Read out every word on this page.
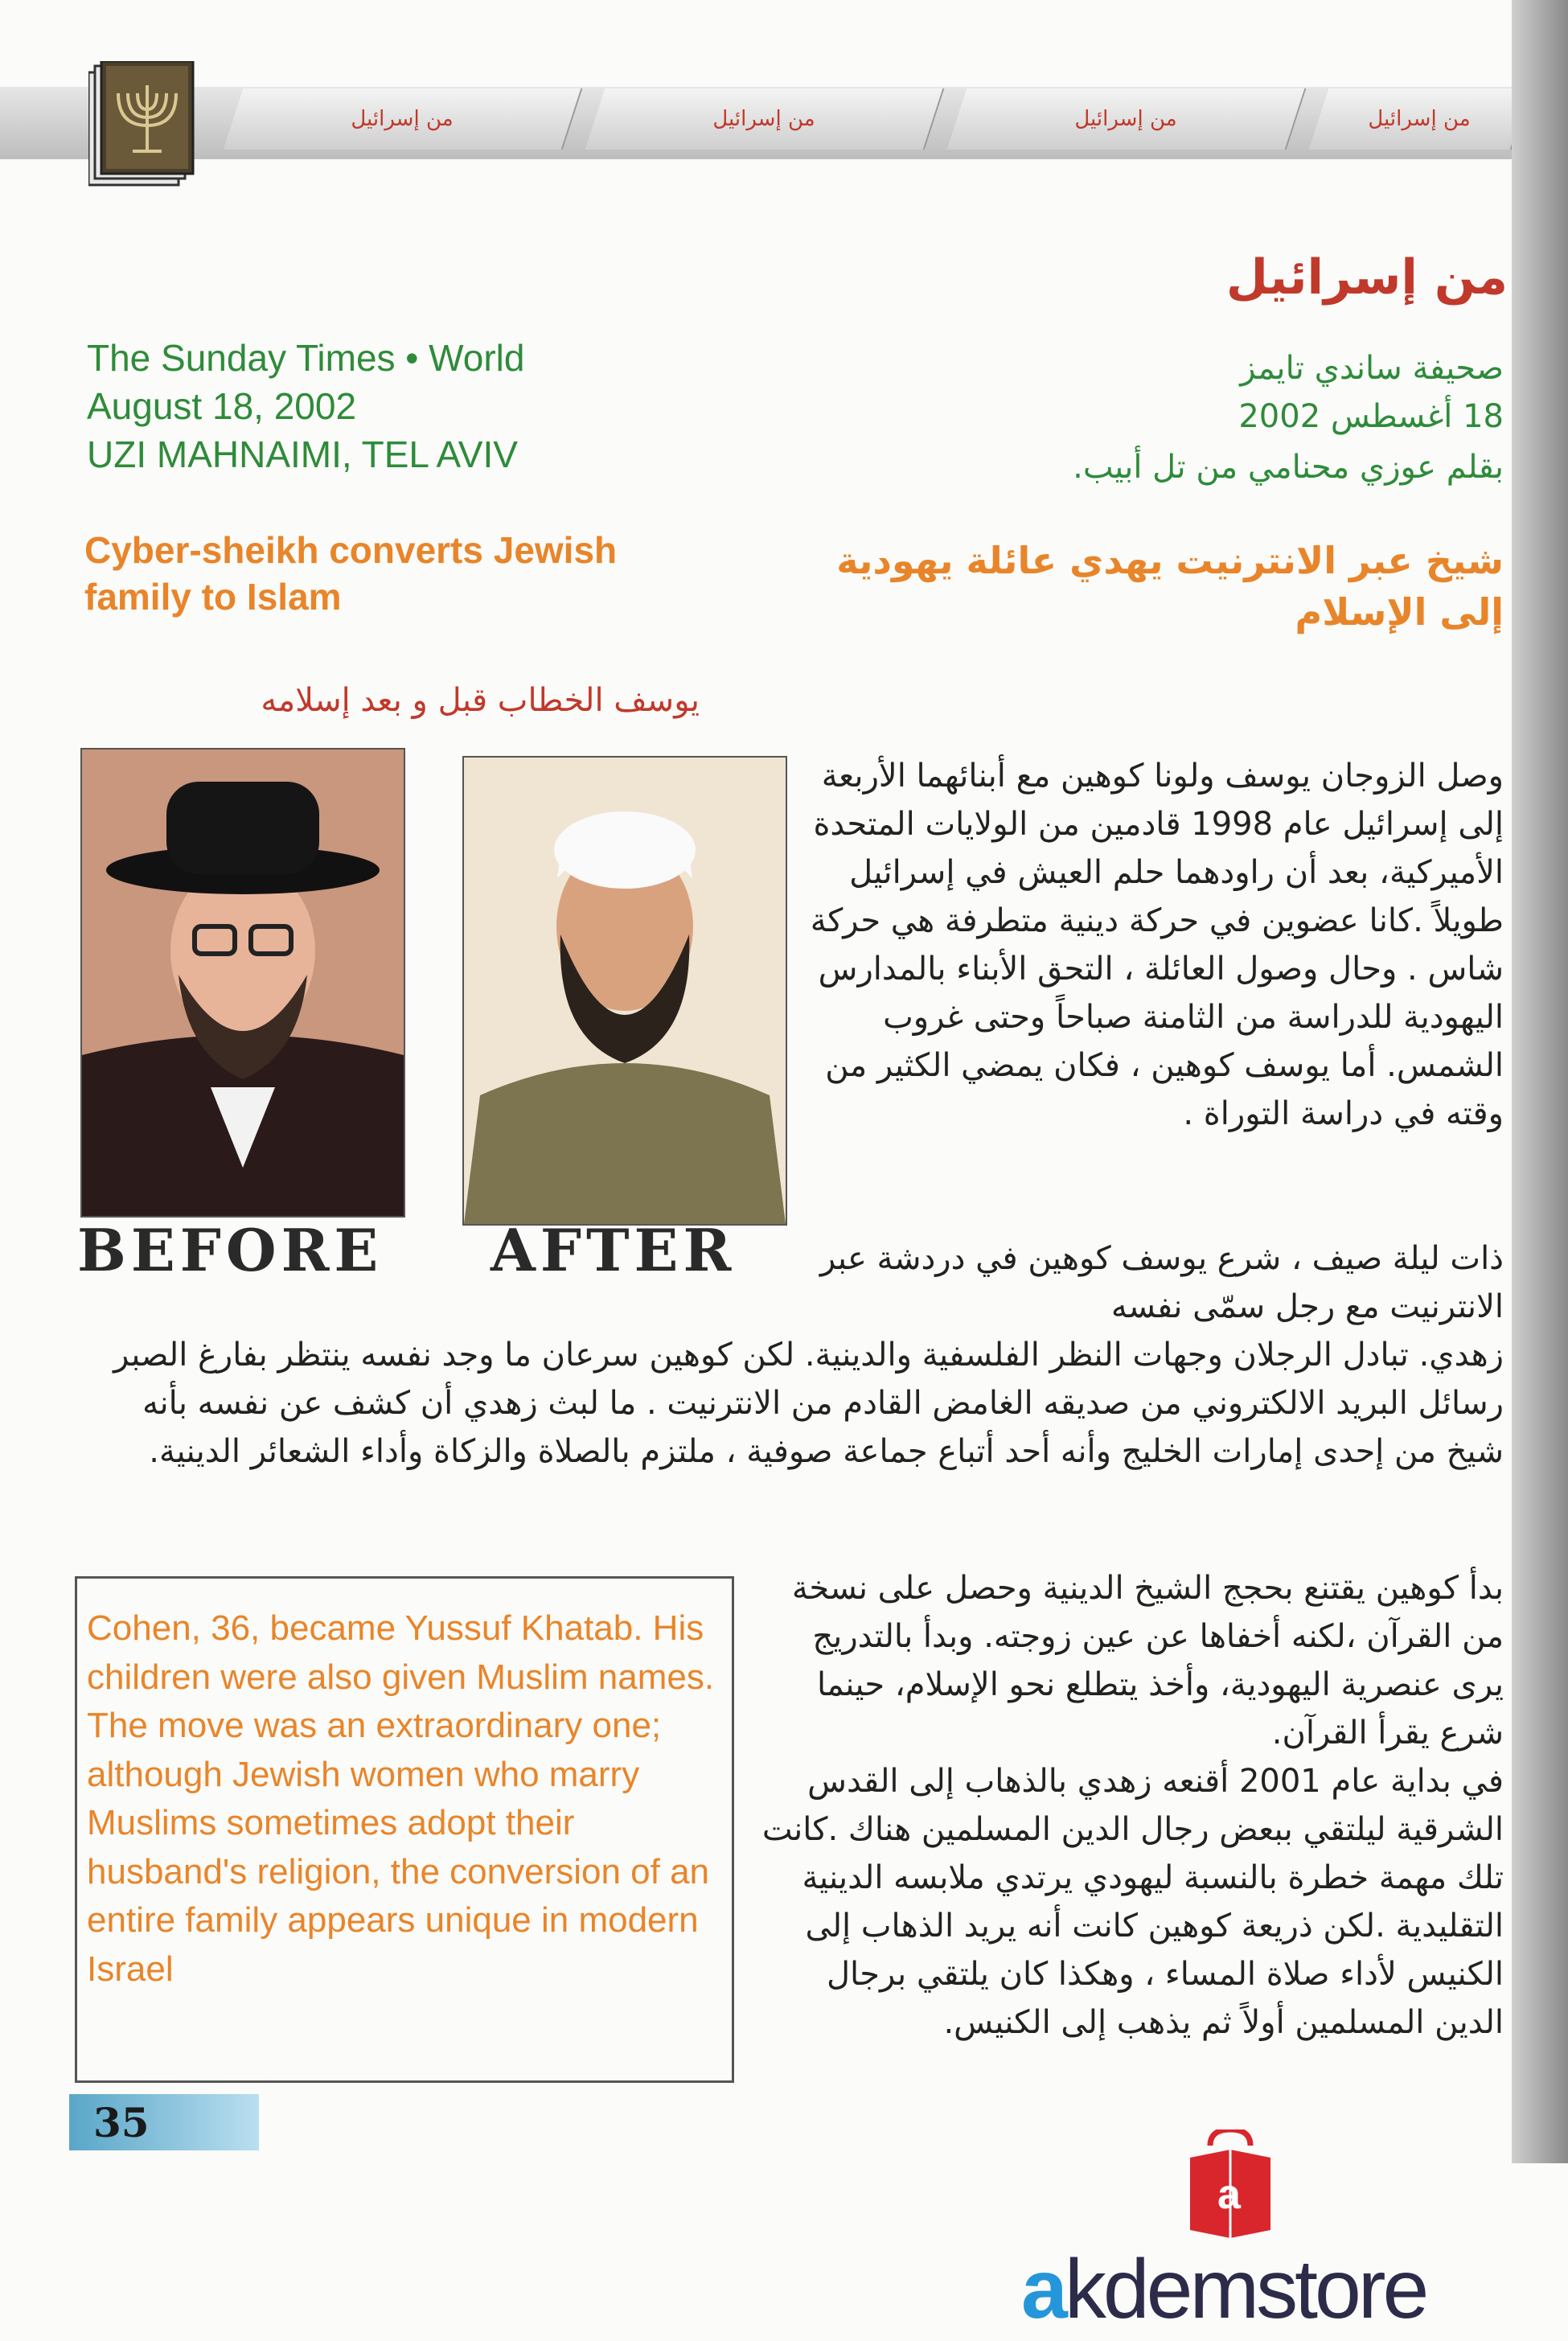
من إسرائيل	من إسرائيل	من إسرائيل	من إسرائيل
من إسرائيل
صحيفة ساندي تايمز
18 أغسطس 2002
بقلم عوزي محنامي من تل أبيب.
شيخ عبر الانترنيت يهدي عائلة يهودية إلى الإسلام
The Sunday Times • World
August 18, 2002
UZI MAHNAIMI, TEL AVIV
Cyber-sheikh converts Jewish family to Islam
يوسف الخطاب قبل و بعد إسلامه
BEFORE AFTER
وصل الزوجان يوسف ولونا كوهين مع أبنائهما الأربعة إلى إسرائيل عام 1998 قادمين من الولايات المتحدة الأميركية، بعد أن راودهما حلم العيش في إسرائيل طويلاً .كانا عضوين في حركة دينية متطرفة هي حركة شاس . وحال وصول العائلة ، التحق الأبناء بالمدارس اليهودية للدراسة من الثامنة صباحاً وحتى غروب الشمس. أما يوسف كوهين ، فكان يمضي الكثير من وقته في دراسة التوراة .
ذات ليلة صيف ، شرع يوسف كوهين في دردشة عبر الانترنيت مع رجل سمّى نفسه
زهدي. تبادل الرجلان وجهات النظر الفلسفية والدينية. لكن كوهين سرعان ما وجد نفسه ينتظر بفارغ الصبر رسائل البريد الالكتروني من صديقه الغامض القادم من الانترنيت . ما لبث زهدي أن كشف عن نفسه بأنه شيخ من إحدى إمارات الخليج وأنه أحد أتباع جماعة صوفية ، ملتزم بالصلاة والزكاة وأداء الشعائر الدينية.
بدأ كوهين يقتنع بحجج الشيخ الدينية وحصل على نسخة من القرآن ،لكنه أخفاها عن عين زوجته. وبدأ بالتدريج يرى عنصرية اليهودية، وأخذ يتطلع نحو الإسلام، حينما شرع يقرأ القرآن.
في بداية عام 2001 أقنعه زهدي بالذهاب إلى القدس الشرقية ليلتقي ببعض رجال الدين المسلمين هناك .كانت تلك مهمة خطرة بالنسبة ليهودي يرتدي ملابسه الدينية التقليدية .لكن ذريعة كوهين كانت أنه يريد الذهاب إلى الكنيس لأداء صلاة المساء ، وهكذا كان يلتقي برجال الدين المسلمين أولاً ثم يذهب إلى الكنيس.
Cohen, 36, became Yussuf Khatab. His children were also given Muslim names. The move was an extraordinary one; although Jewish women who marry Muslims sometimes adopt their husband's religion, the conversion of an entire family appears unique in modern Israel
35
a
akdemstore
